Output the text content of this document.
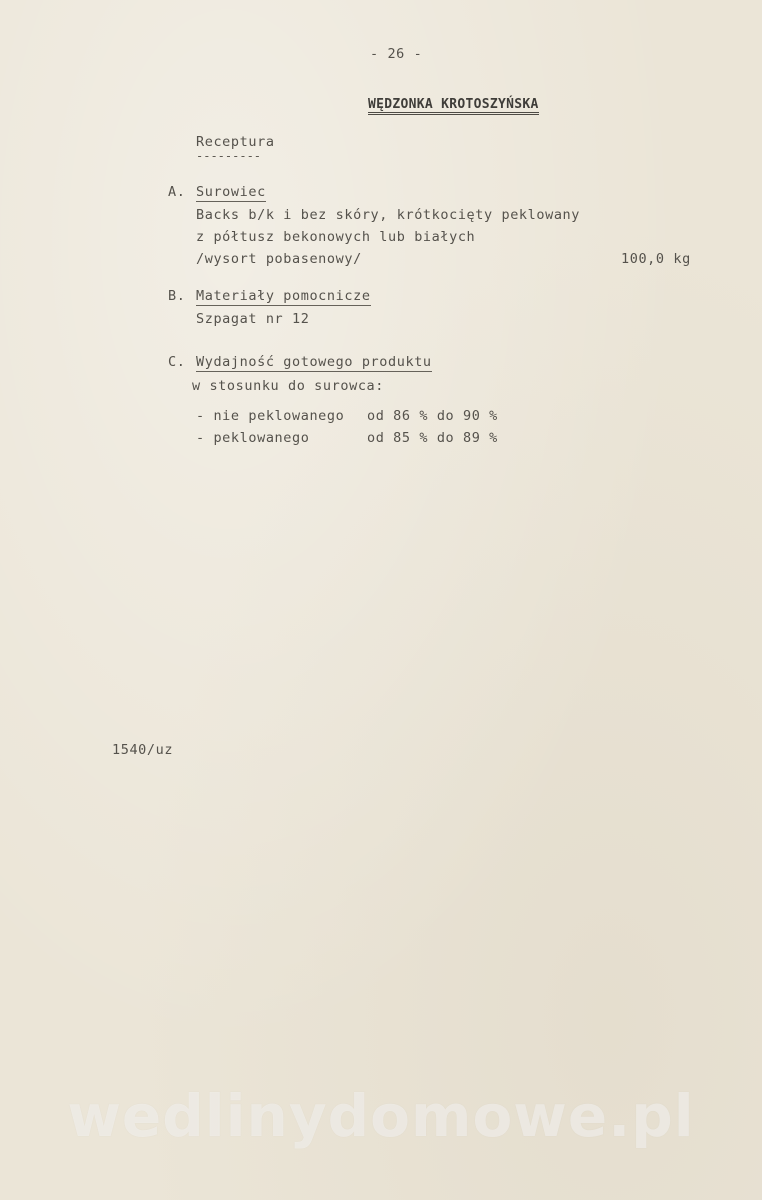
- 26 -
WĘDZONKA KROTOSZYŃSKA
Receptura
---------
A. Surowiec
Backs b/k i bez skóry, krótkocięty peklowany
z półtusz bekonowych lub białych
/wysort pobasenowy/	100,0 kg
B. Materiały pomocnicze
Szpagat nr 12
C. Wydajność gotowego produktu
w stosunku do surowca:
- nie peklowanego od 86 % do 90 %
- peklowanego	od 85 % do 89 %
1540/uz
wedlinydomowe.pl
